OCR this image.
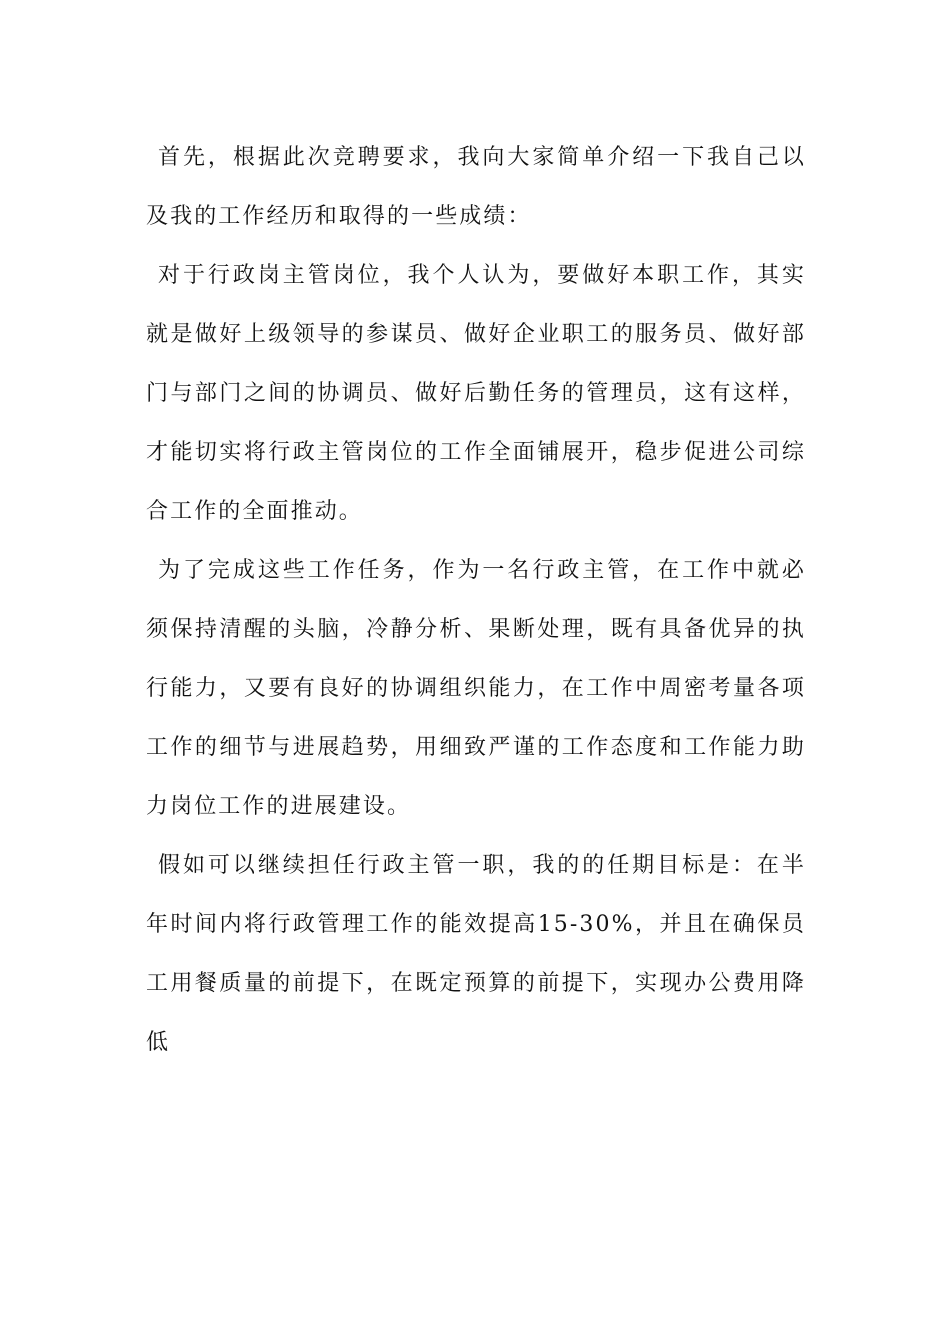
首先，根据此次竞聘要求，我向大家简单介绍一下我自己以及我的工作经历和取得的一些成绩：

对于行政岗主管岗位，我个人认为，要做好本职工作，其实就是做好上级领导的参谋员、做好企业职工的服务员、做好部门与部门之间的协调员、做好后勤任务的管理员，这有这样，才能切实将行政主管岗位的工作全面铺展开，稳步促进公司综合工作的全面推动。

为了完成这些工作任务，作为一名行政主管，在工作中就必须保持清醒的头脑，冷静分析、果断处理，既有具备优异的执行能力，又要有良好的协调组织能力，在工作中周密考量各项工作的细节与进展趋势，用细致严谨的工作态度和工作能力助力岗位工作的进展建设。

假如可以继续担任行政主管一职，我的的任期目标是：在半年时间内将行政管理工作的能效提高15-30%，并且在确保员工用餐质量的前提下，在既定预算的前提下，实现办公费用降低
